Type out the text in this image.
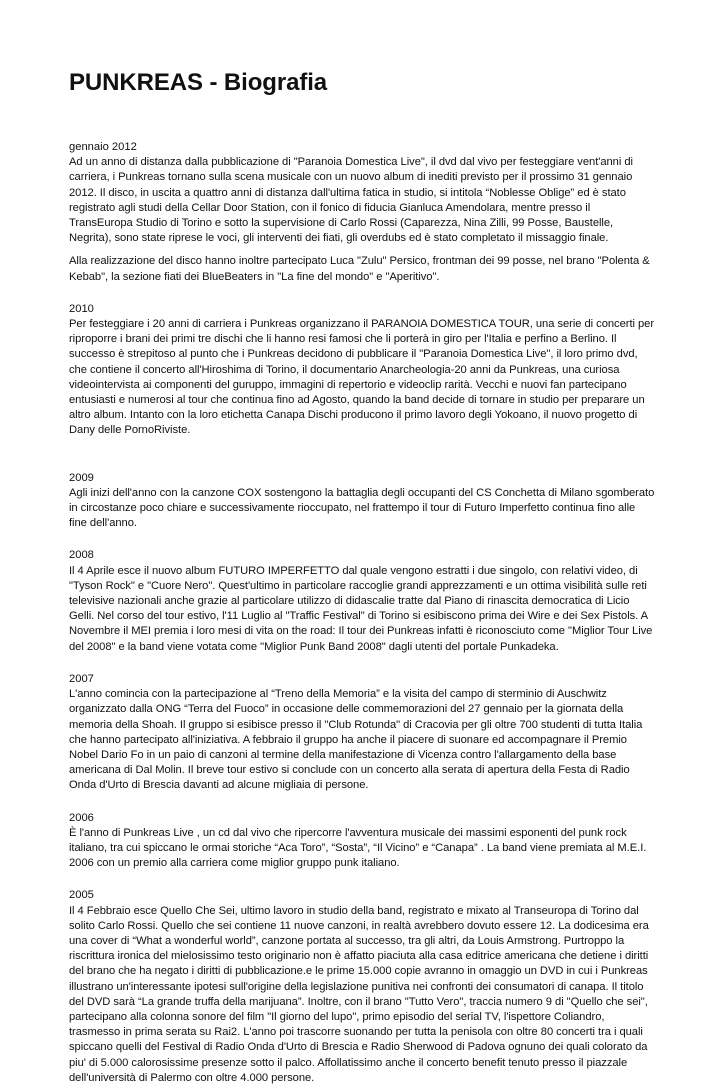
PUNKREAS - Biografia

gennaio 2012

Ad un anno di distanza dalla pubblicazione di "Paranoia Domestica Live", il dvd dal vivo per festeggiare vent'anni di carriera, i Punkreas tornano sulla scena musicale con un nuovo album di inediti previsto per il prossimo 31 gennaio 2012. Il disco, in uscita a quattro anni di distanza dall'ultima fatica in studio, si intitola “Noblesse Oblige” ed è stato registrato agli studi della Cellar Door Station, con il fonico di fiducia Gianluca Amendolara, mentre presso il TransEuropa Studio di Torino e sotto la supervisione di Carlo Rossi (Caparezza, Nina Zilli, 99 Posse, Baustelle, Negrita), sono state riprese le voci, gli interventi dei fiati, gli overdubs ed è stato completato il missaggio finale.

Alla realizzazione del disco hanno inoltre partecipato Luca "Zulu" Persico, frontman dei 99 posse, nel brano "Polenta & Kebab", la sezione fiati dei BlueBeaters in "La fine del mondo" e "Aperitivo".

2010

Per festeggiare i 20 anni di carriera i Punkreas organizzano il PARANOIA DOMESTICA TOUR, una serie di concerti per riproporre i brani dei primi tre dischi che li hanno resi famosi che li porterà in giro per l'Italia e perfino a Berlino. Il successo è strepitoso al punto che i Punkreas decidono di pubblicare il "Paranoia Domestica Live", il loro primo dvd, che contiene il concerto all'Hiroshima di Torino, il documentario Anarcheologia-20 anni da Punkreas, una curiosa videointervista ai componenti del guruppo, immagini di repertorio e videoclip rarità. Vecchi e nuovi fan partecipano entusiasti e numerosi al tour che continua fino ad Agosto, quando la band decide di tornare in studio per preparare un altro album. Intanto con la loro etichetta Canapa Dischi producono il primo lavoro degli Yokoano, il nuovo progetto di Dany delle PornoRiviste.

2009

Agli inizi dell'anno con la canzone COX sostengono la battaglia degli occupanti del CS Conchetta di Milano sgomberato in circostanze poco chiare e successivamente rioccupato, nel frattempo il tour di Futuro Imperfetto continua fino alle fine dell'anno.

2008

Il 4 Aprile esce il nuovo album FUTURO IMPERFETTO dal quale vengono estratti i due singolo, con relativi video, di "Tyson Rock" e "Cuore Nero". Quest'ultimo in particolare raccoglie grandi apprezzamenti e un ottima visibilità sulle reti televisive nazionali anche grazie al particolare utilizzo di didascalie tratte dal Piano di rinascita democratica di Licio Gelli. Nel corso del tour estivo, l'11 Luglio al "Traffic Festival" di Torino si esibiscono prima dei Wire e dei Sex Pistols. A Novembre il MEI premia i loro mesi di vita on the road: Il tour dei Punkreas infatti è riconosciuto come "Miglior Tour Live del 2008" e la band viene votata come "Miglior Punk Band 2008" dagli utenti del portale Punkadeka.

2007

L'anno comincia con la partecipazione al “Treno della Memoria” e la visita del campo di sterminio di Auschwitz organizzato dalla ONG “Terra del Fuoco” in occasione delle commemorazioni del 27 gennaio per la giornata della memoria della Shoah. Il gruppo si esibisce presso il "Club Rotunda" di Cracovia per gli oltre 700 studenti di tutta Italia che hanno partecipato all'iniziativa. A febbraio il gruppo ha anche il piacere di suonare ed accompagnare il Premio Nobel Dario Fo in un paio di canzoni al termine della manifestazione di Vicenza contro l'allargamento della base americana di Dal Molin. Il breve tour estivo si conclude con un concerto alla serata di apertura della Festa di Radio Onda d'Urto di Brescia davanti ad alcune migliaia di persone.

2006

È l'anno di Punkreas Live , un cd dal vivo che ripercorre l'avventura musicale dei massimi esponenti del punk rock italiano, tra cui spiccano le ormai storiche “Aca Toro”, “Sosta”, “Il Vicino” e “Canapa” . La band viene premiata al M.E.I. 2006 con un premio alla carriera come miglior gruppo punk italiano.

2005

Il 4 Febbraio esce Quello Che Sei, ultimo lavoro in studio della band, registrato e mixato al Transeuropa di Torino dal solito Carlo Rossi. Quello che sei contiene 11 nuove canzoni, in realtà avrebbero dovuto essere 12. La dodicesima era una cover di “What a wonderful world”, canzone portata al successo, tra gli altri, da Louis Armstrong. Purtroppo la riscrittura ironica del mielosissimo testo originario non è affatto piaciuta alla casa editrice americana che detiene i diritti del brano che ha negato i diritti di pubblicazione.e le prime 15.000 copie avranno in omaggio un DVD in cui i Punkreas illustrano un'interessante ipotesi sull'origine della legislazione punitiva nei confronti dei consumatori di canapa. Il titolo del DVD sarà “La grande truffa della marijuana”. Inoltre, con il brano "Tutto Vero", traccia numero 9 di "Quello che sei", partecipano alla colonna sonore del film "Il giorno del lupo", primo episodio del serial TV, l'ispettore Coliandro, trasmesso in prima serata su Rai2. L'anno poi trascorre suonando per tutta la penisola con oltre 80 concerti tra i quali spiccano quelli del Festival di Radio Onda d'Urto di Brescia e Radio Sherwood di Padova ognuno dei quali colorato da piu' di 5.000 calorosissime presenze sotto il palco. Affollatissimo anche il concerto benefit tenuto presso il piazzale dell'università di Palermo con oltre 4.000 persone.
